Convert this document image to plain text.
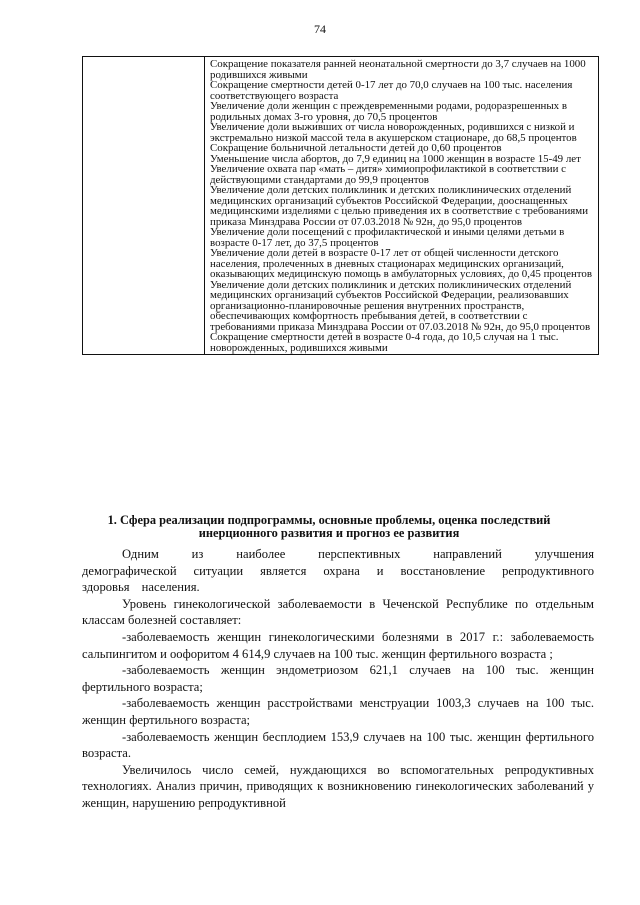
74

Сокращение показателя ранней неонатальной смертности до 3,7 случаев на 1000 родившихся живыми

Сокращение смертности детей 0-17 лет до 70,0 случаев на 100 тыс. населения соответствующего возраста

Увеличение доли женщин с преждевременными родами, родоразрешенных в родильных домах 3-го уровня, до 70,5 процентов

Увеличение доли выживших от числа новорожденных, родившихся с низкой и экстремально низкой массой тела в акушерском стационаре, до 68,5 процентов

Сокращение больничной летальности детей до 0,60 процентов

Уменьшение числа абортов, до 7,9 единиц на 1000 женщин в возрасте 15-49 лет

Увеличение охвата пар «мать – дитя» химиопрофилактикой в соответствии с действующими стандартами до 99,9 процентов

Увеличение доли детских поликлиник и детских поликлинических отделений медицинских организаций субъектов Российской Федерации, дооснащенных медицинскими изделиями с целью приведения их в соответствие с требованиями приказа Минздрава России от 07.03.2018 № 92н, до 95,0 процентов

Увеличение доли посещений с профилактической и иными целями детьми в возрасте 0-17 лет, до 37,5 процентов

Увеличение доли детей в возрасте 0-17 лет от общей численности детского населения, пролеченных в дневных стационарах медицинских организаций, оказывающих медицинскую помощь в амбулаторных условиях, до 0,45 процентов

Увеличение доли детских поликлиник и детских поликлинических отделений медицинских организаций субъектов Российской Федерации, реализовавших организационно-планировочные решения внутренних пространств, обеспечивающих комфортность пребывания детей, в соответствии с требованиями приказа Минздрава России от 07.03.2018 № 92н, до 95,0 процентов

Сокращение смертности детей в возрасте 0-4 года, до 10,5 случая на 1 тыс. новорожденных, родившихся живыми

1. Сфера реализации подпрограммы, основные проблемы, оценка последствий инерционного развития и прогноз ее развития

Одним из наиболее перспективных направлений улучшения демографической ситуации является охрана и восстановление репродуктивного здоровья населения.

Уровень гинекологической заболеваемости в Чеченской Республике по отдельным классам болезней составляет:

-заболеваемость женщин гинекологическими болезнями в 2017 г.: заболеваемость сальпингитом и оофоритом 4 614,9 случаев на 100 тыс. женщин фертильного возраста ;

-заболеваемость женщин эндометриозом 621,1 случаев на 100 тыс. женщин фертильного возраста;

-заболеваемость женщин расстройствами менструации 1003,3 случаев на 100 тыс. женщин фертильного возраста;

-заболеваемость женщин бесплодием 153,9 случаев на 100 тыс. женщин фертильного возраста.

Увеличилось число семей, нуждающихся во вспомогательных репродуктивных технологиях. Анализ причин, приводящих к возникновению гинекологических заболеваний у женщин, нарушению репродуктивной
